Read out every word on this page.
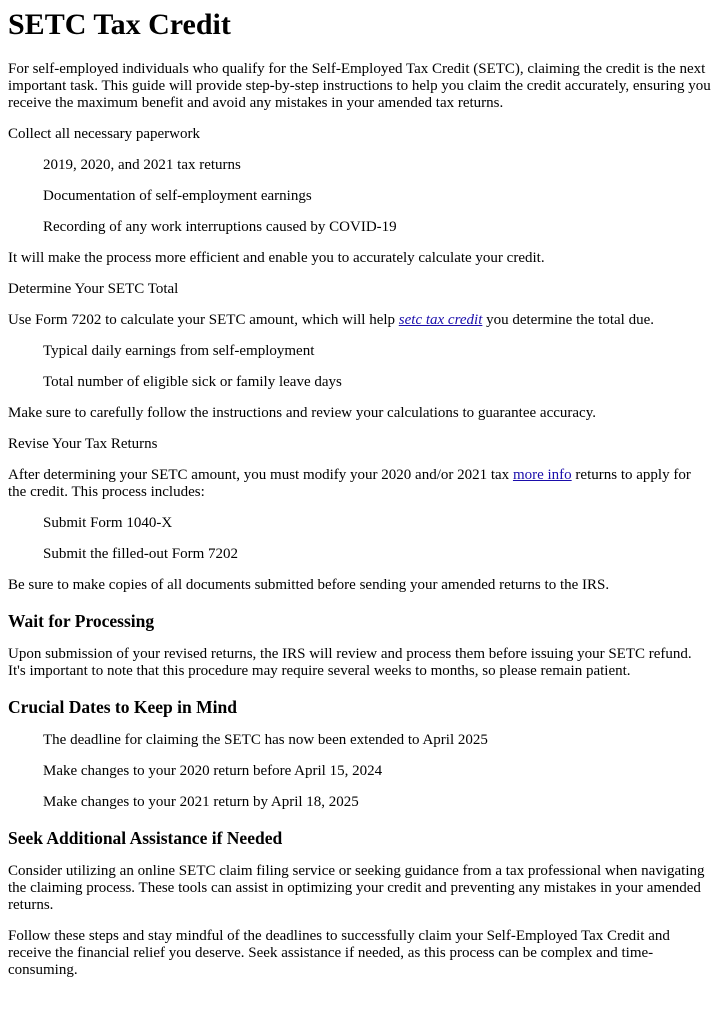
SETC Tax Credit

For self-employed individuals who qualify for the Self-Employed Tax Credit (SETC), claiming the credit is the next important task. This guide will provide step-by-step instructions to help you claim the credit accurately, ensuring you receive the maximum benefit and avoid any mistakes in your amended tax returns.

Collect all necessary paperwork

2019, 2020, and 2021 tax returns

Documentation of self-employment earnings

Recording of any work interruptions caused by COVID-19

It will make the process more efficient and enable you to accurately calculate your credit.

Determine Your SETC Total

Use Form 7202 to calculate your SETC amount, which will help setc tax credit you determine the total due.

Typical daily earnings from self-employment

Total number of eligible sick or family leave days

Make sure to carefully follow the instructions and review your calculations to guarantee accuracy.

Revise Your Tax Returns

After determining your SETC amount, you must modify your 2020 and/or 2021 tax more info returns to apply for the credit. This process includes:

Submit Form 1040-X

Submit the filled-out Form 7202

Be sure to make copies of all documents submitted before sending your amended returns to the IRS.

Wait for Processing

Upon submission of your revised returns, the IRS will review and process them before issuing your SETC refund. It's important to note that this procedure may require several weeks to months, so please remain patient.

Crucial Dates to Keep in Mind

The deadline for claiming the SETC has now been extended to April 2025

Make changes to your 2020 return before April 15, 2024

Make changes to your 2021 return by April 18, 2025

Seek Additional Assistance if Needed

Consider utilizing an online SETC claim filing service or seeking guidance from a tax professional when navigating the claiming process. These tools can assist in optimizing your credit and preventing any mistakes in your amended returns.

Follow these steps and stay mindful of the deadlines to successfully claim your Self-Employed Tax Credit and receive the financial relief you deserve. Seek assistance if needed, as this process can be complex and time-consuming.
